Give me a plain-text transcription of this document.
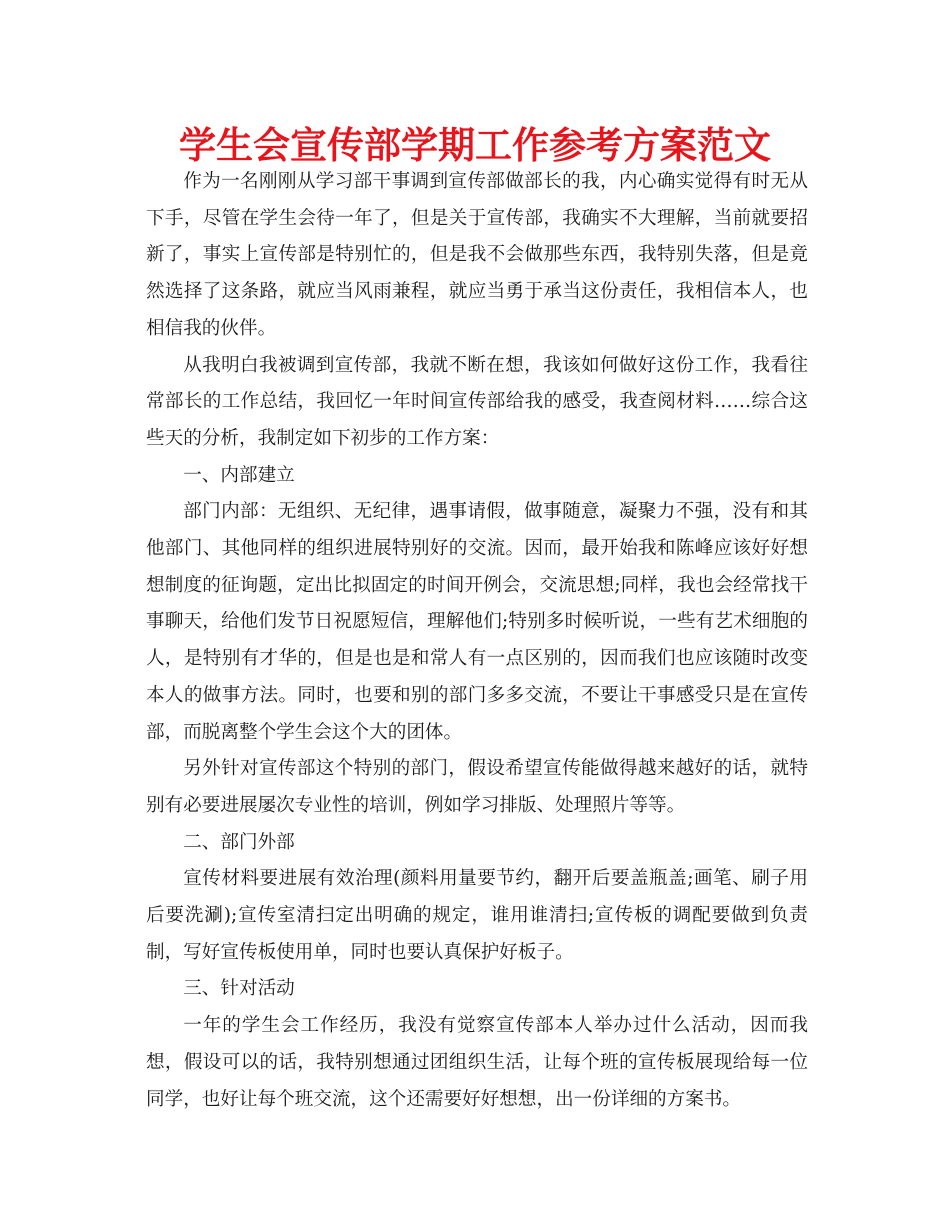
学生会宣传部学期工作参考方案范文

作为一名刚刚从学习部干事调到宣传部做部长的我，内心确实觉得有时无从下手，尽管在学生会待一年了，但是关于宣传部，我确实不大理解，当前就要招新了，事实上宣传部是特别忙的，但是我不会做那些东西，我特别失落，但是竟然选择了这条路，就应当风雨兼程，就应当勇于承当这份责任，我相信本人，也相信我的伙伴。

从我明白我被调到宣传部，我就不断在想，我该如何做好这份工作，我看往常部长的工作总结，我回忆一年时间宣传部给我的感受，我查阅材料……综合这些天的分析，我制定如下初步的工作方案：

一、内部建立

部门内部：无组织、无纪律，遇事请假，做事随意，凝聚力不强，没有和其他部门、其他同样的组织进展特别好的交流。因而，最开始我和陈峰应该好好想想制度的征询题，定出比拟固定的时间开例会，交流思想;同样，我也会经常找干事聊天，给他们发节日祝愿短信，理解他们;特别多时候听说，一些有艺术细胞的人，是特别有才华的，但是也是和常人有一点区别的，因而我们也应该随时改变本人的做事方法。同时，也要和别的部门多多交流，不要让干事感受只是在宣传部，而脱离整个学生会这个大的团体。

另外针对宣传部这个特别的部门，假设希望宣传能做得越来越好的话，就特别有必要进展屡次专业性的培训，例如学习排版、处理照片等等。

二、部门外部

宣传材料要进展有效治理(颜料用量要节约，翻开后要盖瓶盖;画笔、刷子用后要洗涮);宣传室清扫定出明确的规定，谁用谁清扫;宣传板的调配要做到负责制，写好宣传板使用单，同时也要认真保护好板子。

三、针对活动

一年的学生会工作经历，我没有觉察宣传部本人举办过什么活动，因而我想，假设可以的话，我特别想通过团组织生活，让每个班的宣传板展现给每一位同学，也好让每个班交流，这个还需要好好想想，出一份详细的方案书。
